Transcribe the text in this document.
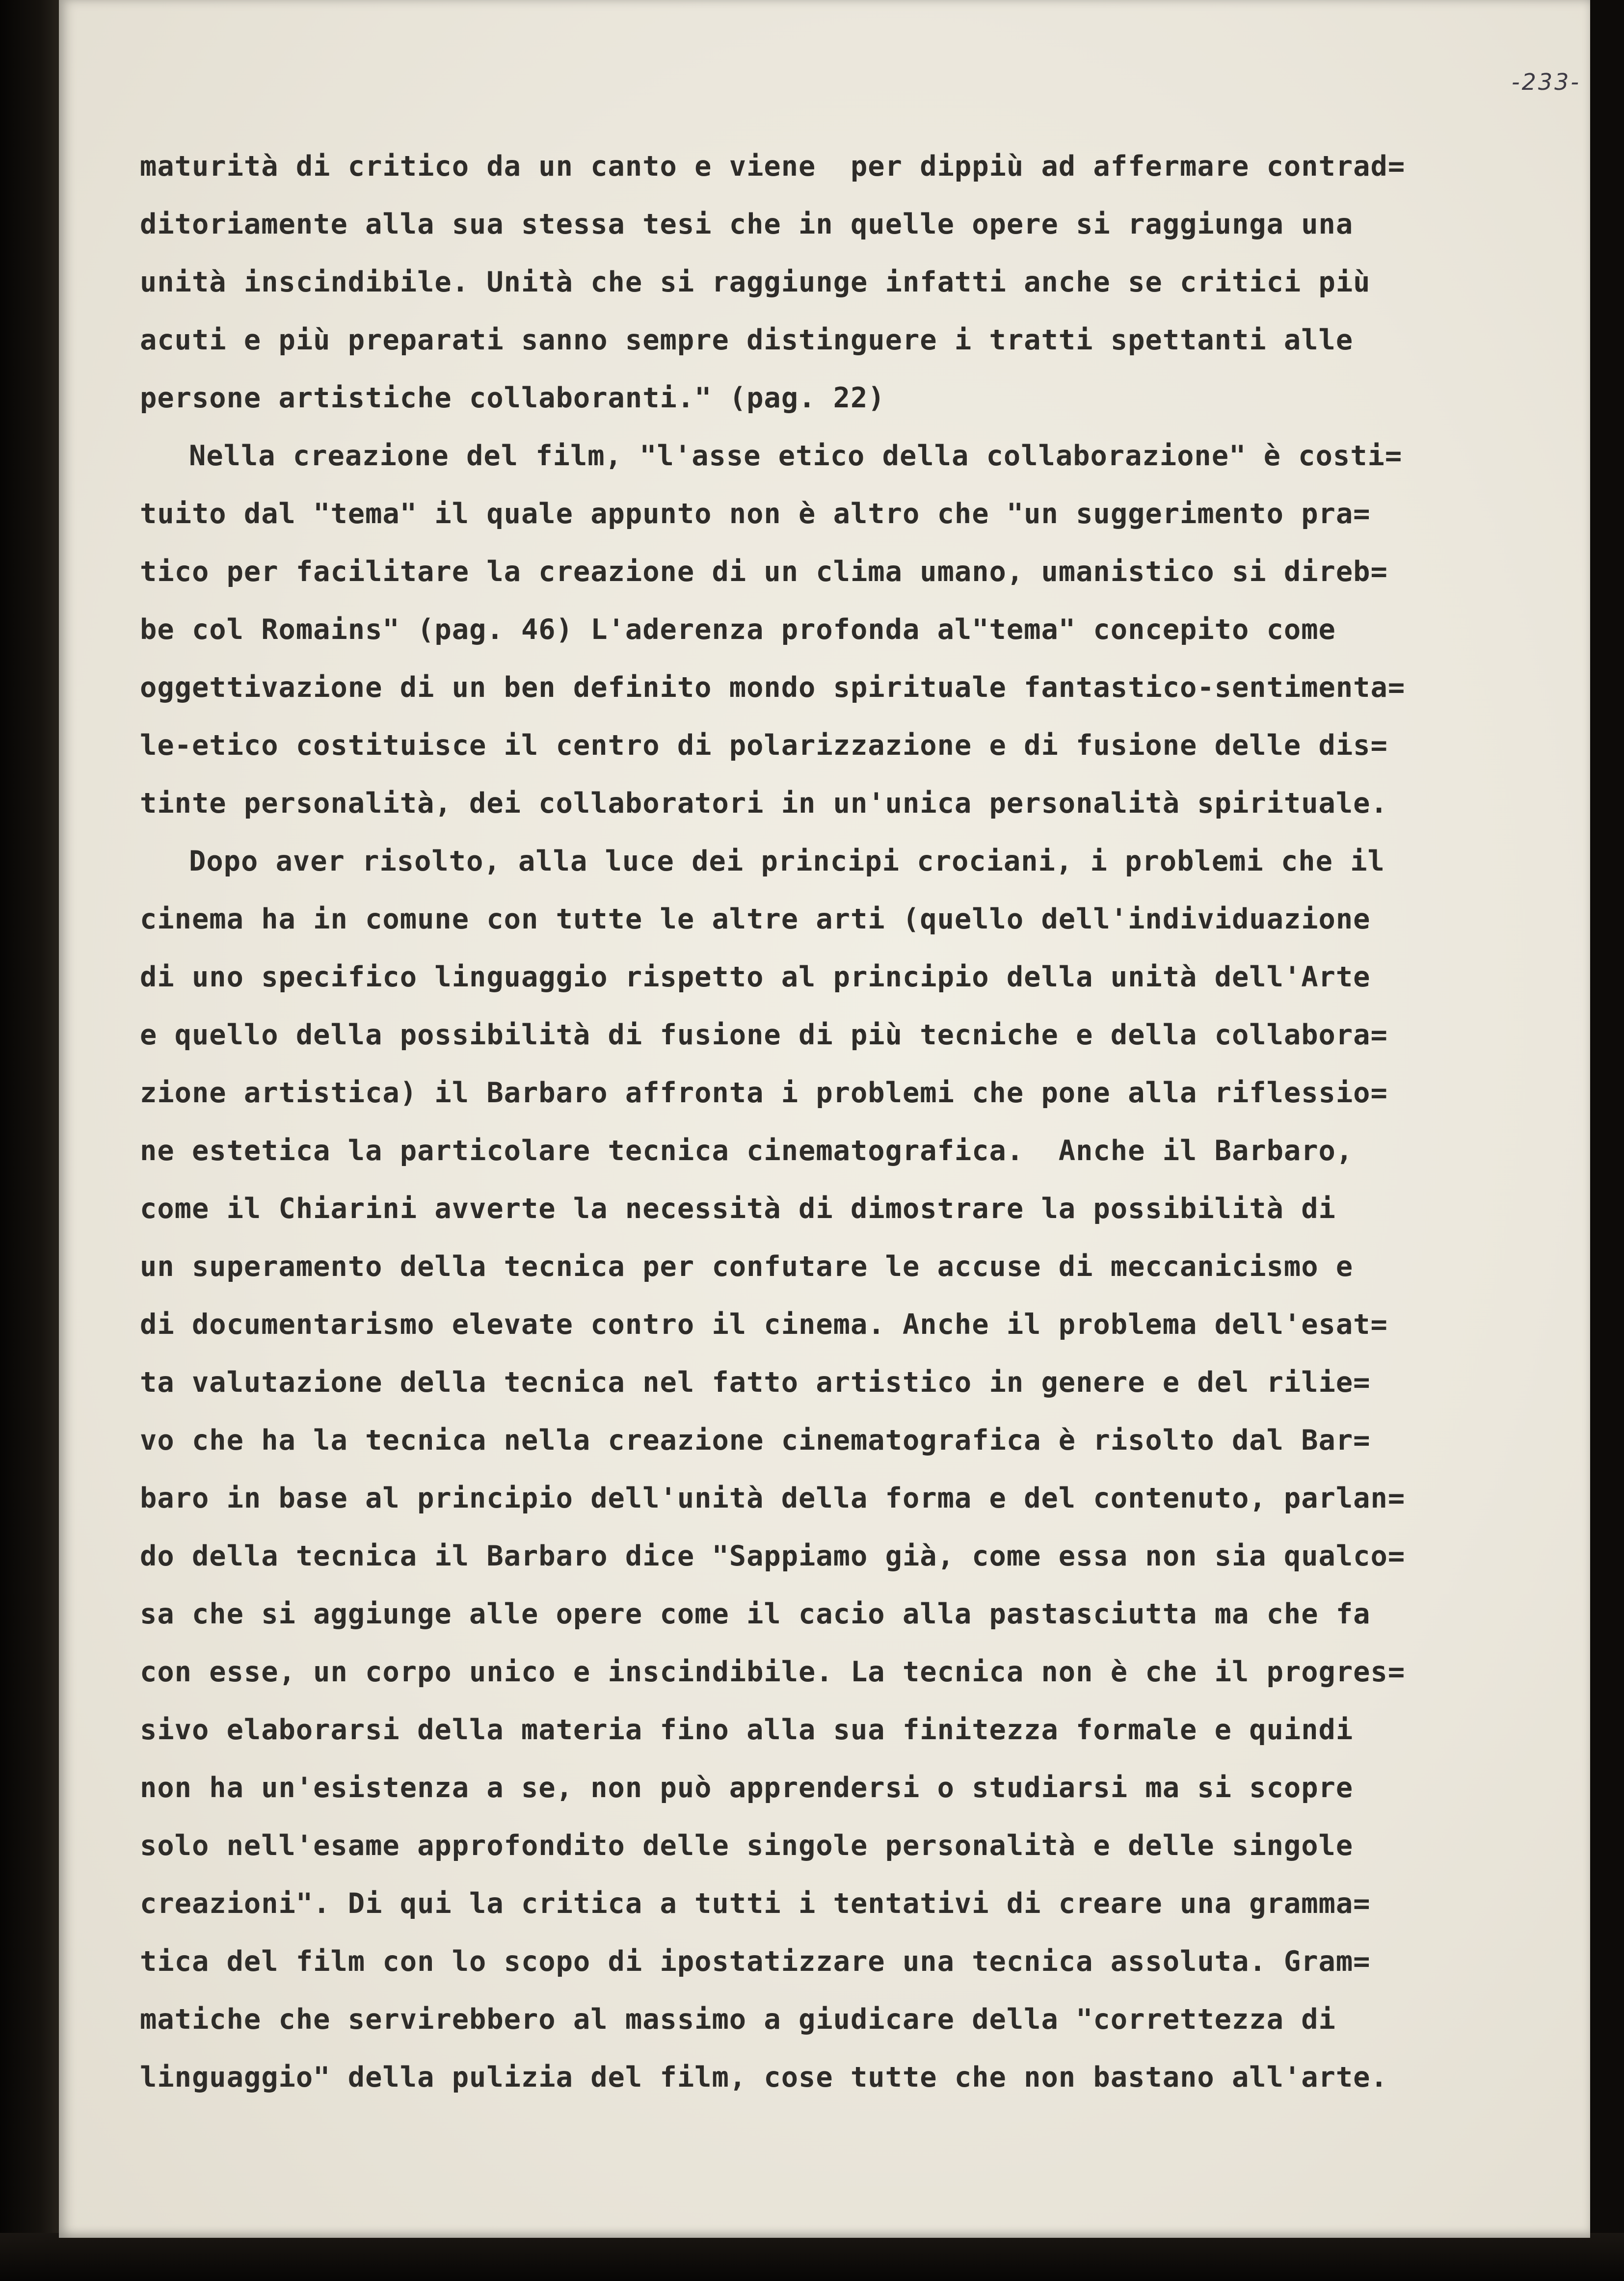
-233-
maturità di critico da un canto e viene  per dippiù ad affermare contrad=
ditoriamente alla sua stessa tesi che in quelle opere si raggiunga una
unità inscindibile. Unità che si raggiunge infatti anche se critici più
acuti e più preparati sanno sempre distinguere i tratti spettanti alle
persone artistiche collaboranti." (pag. 22)
Nella creazione del film, "l'asse etico della collaborazione" è costi=
tuito dal "tema" il quale appunto non è altro che "un suggerimento pra=
tico per facilitare la creazione di un clima umano, umanistico si direb=
be col Romains" (pag. 46) L'aderenza profonda al"tema" concepito come
oggettivazione di un ben definito mondo spirituale fantastico-sentimenta=
le-etico costituisce il centro di polarizzazione e di fusione delle dis=
tinte personalità, dei collaboratori in un'unica personalità spirituale.
Dopo aver risolto, alla luce dei principi crociani, i problemi che il
cinema ha in comune con tutte le altre arti (quello dell'individuazione
di uno specifico linguaggio rispetto al principio della unità dell'Arte
e quello della possibilità di fusione di più tecniche e della collabora=
zione artistica) il Barbaro affronta i problemi che pone alla riflessio=
ne estetica la particolare tecnica cinematografica.  Anche il Barbaro,
come il Chiarini avverte la necessità di dimostrare la possibilità di
un superamento della tecnica per confutare le accuse di meccanicismo e
di documentarismo elevate contro il cinema. Anche il problema dell'esat=
ta valutazione della tecnica nel fatto artistico in genere e del rilie=
vo che ha la tecnica nella creazione cinematografica è risolto dal Bar=
baro in base al principio dell'unità della forma e del contenuto, parlan=
do della tecnica il Barbaro dice "Sappiamo già, come essa non sia qualco=
sa che si aggiunge alle opere come il cacio alla pastasciutta ma che fa
con esse, un corpo unico e inscindibile. La tecnica non è che il progres=
sivo elaborarsi della materia fino alla sua finitezza formale e quindi
non ha un'esistenza a se, non può apprendersi o studiarsi ma si scopre
solo nell'esame approfondito delle singole personalità e delle singole
creazioni". Di qui la critica a tutti i tentativi di creare una gramma=
tica del film con lo scopo di ipostatizzare una tecnica assoluta. Gram=
matiche che servirebbero al massimo a giudicare della "correttezza di
linguaggio" della pulizia del film, cose tutte che non bastano all'arte.
